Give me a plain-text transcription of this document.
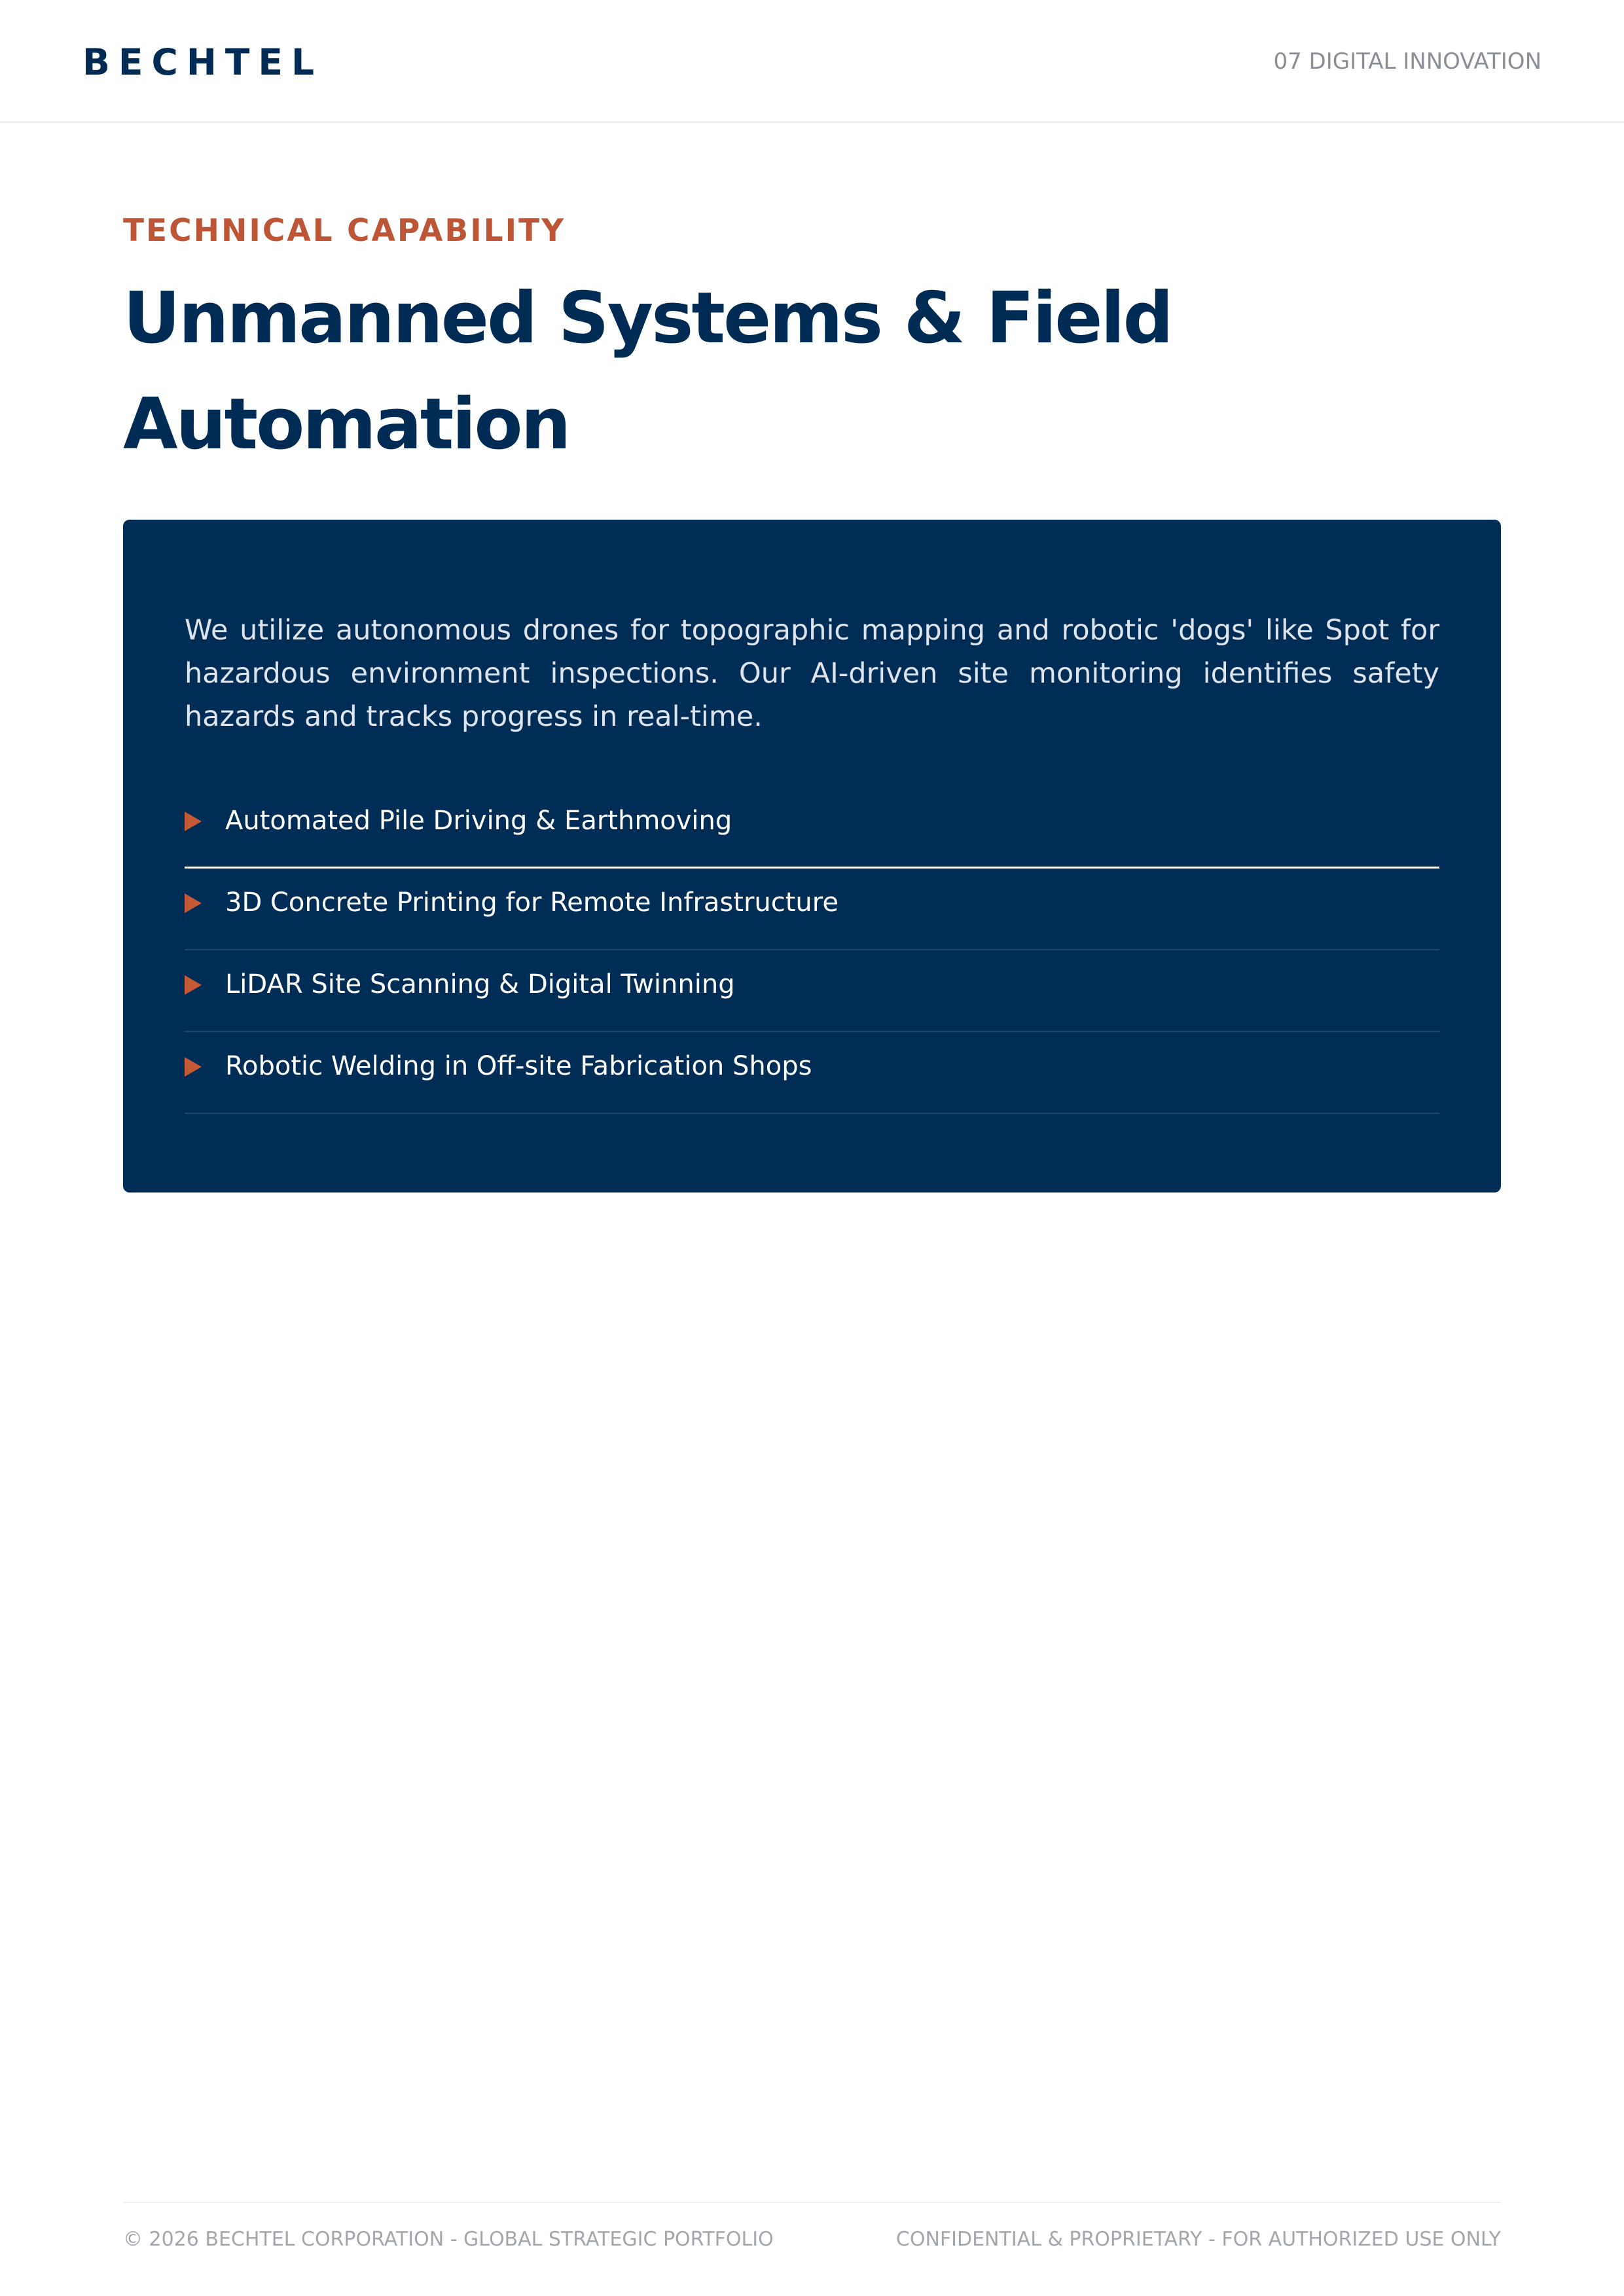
BECHTEL	07 DIGITAL INNOVATION
TECHNICAL CAPABILITY
Unmanned Systems & Field Automation

We utilize autonomous drones for topographic mapping and robotic 'dogs' like Spot for hazardous environment inspections. Our AI-driven site monitoring identifies safety hazards and tracks progress in real-time.

Automated Pile Driving & Earthmoving
3D Concrete Printing for Remote Infrastructure
LiDAR Site Scanning & Digital Twinning
Robotic Welding in Off-site Fabrication Shops
© 2026 BECHTEL CORPORATION - GLOBAL STRATEGIC PORTFOLIO	CONFIDENTIAL & PROPRIETARY - FOR AUTHORIZED USE ONLY
